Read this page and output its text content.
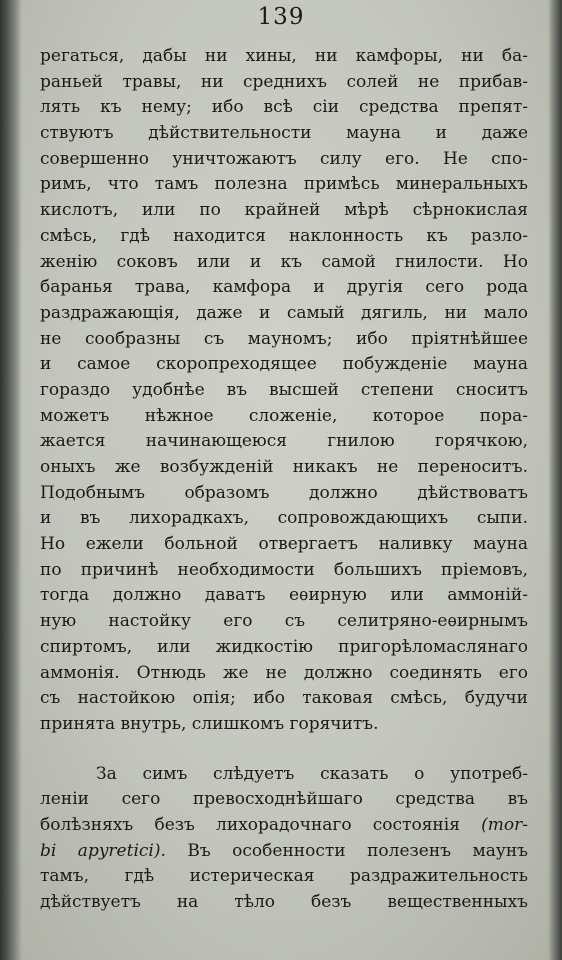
139
регаться, дабы ни хины, ни камфоры, ни ба-
раньей травы, ни среднихъ солей не прибав-
лять къ нему; ибо всѣ сіи средства препят-
ствуютъ дѣйствительности мауна и даже
совершенно уничтожаютъ силу его. Не спо-
римъ, что тамъ полезна примѣсь минеральныхъ
кислотъ, или по крайней мѣрѣ сѣрнокислая
смѣсь, гдѣ находится наклонность къ разло-
женію соковъ или и къ самой гнилости. Но
баранья трава, камфора и другія сего рода
раздражающія, даже и самый дягиль, ни мало
не сообразны съ мауномъ; ибо пріятнѣйшее
и самое скоропреходящее побужденіе мауна
гораздо удобнѣе въ высшей степени сноситъ
можетъ нѣжное сложеніе, которое пора-
жается начинающеюся гнилою горячкою,
оныхъ же возбужденій никакъ не переноситъ.
Подобнымъ образомъ должно дѣйствоватъ
и въ лихорадкахъ, сопровождающихъ сыпи.
Но ежели больной отвергаетъ наливку мауна
по причинѣ необходимости большихъ пріемовъ,
тогда должно даватъ еѳирную или аммоній-
ную настойку его съ селитряно-еѳирнымъ
спиртомъ, или жидкостію пригорѣломаслянаго
аммонія. Отнюдь же не должно соединять его
съ настойкою опія; ибо таковая смѣсь, будучи
принята внутрь, слишкомъ горячитъ.
За симъ слѣдуетъ сказать о употреб-
леніи сего превосходнѣйшаго средства въ
болѣзняхъ безъ лихорадочнаго состоянія (mor-
bi apyretici). Въ особенности полезенъ маунъ
тамъ, гдѣ истерическая раздражительность
дѣйствуетъ на тѣло безъ вещественныхъ
